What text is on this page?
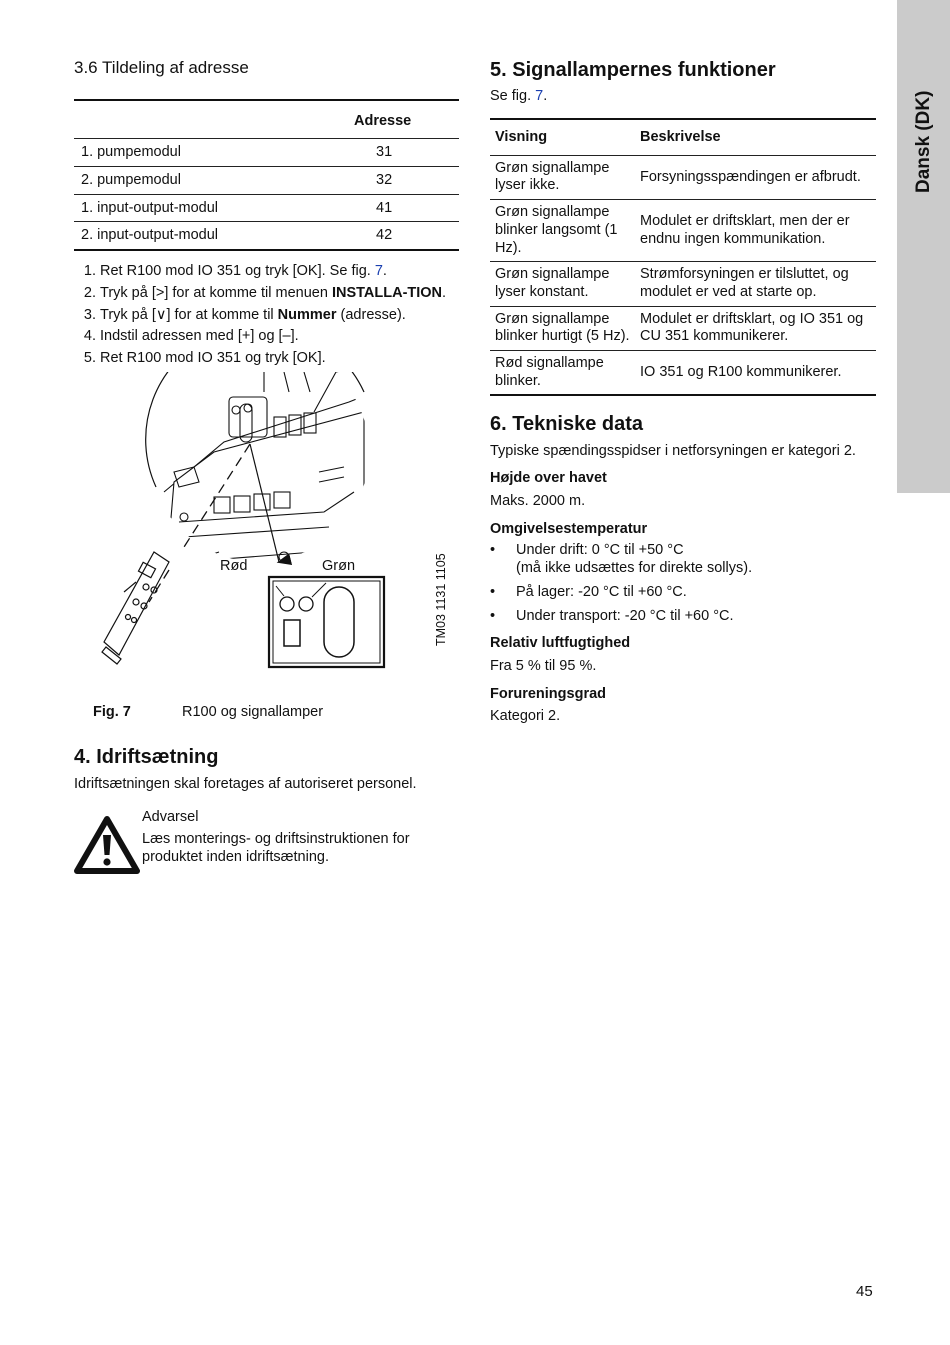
Dansk (DK)
3.6 Tildeling af adresse
	Adresse
1. pumpemodul	31
2. pumpemodul	32
1. input-output-modul	41
2. input-output-modul	42
1. Ret R100 mod IO 351 og tryk [OK]. Se fig. 7.
2. Tryk på [>] for at komme til menuen INSTALLA-TION.
3. Tryk på [∨] for at komme til Nummer (adresse).
4. Indstil adressen med [+] og [–].
5. Ret R100 mod IO 351 og tryk [OK].
Rød	Grøn	TM03 1131 1105
Fig. 7	R100 og signallamper
4. Idriftsætning

Idriftsætningen skal foretages af autoriseret personel.

Advarsel
Læs monterings- og driftsinstruktionen for produktet inden idriftsætning.
5. Signallampernes funktioner
Se fig. 7.
Visning	Beskrivelse
Grøn signallampe lyser ikke.	Forsyningsspændingen er afbrudt.
Grøn signallampe blinker langsomt (1 Hz).	Modulet er driftsklart, men der er endnu ingen kommunikation.
Grøn signallampe lyser konstant.	Strømforsyningen er tilsluttet, og modulet er ved at starte op.
Grøn signallampe blinker hurtigt (5 Hz).	Modulet er driftsklart, og IO 351 og CU 351 kommunikerer.
Rød signallampe blinker.	IO 351 og R100 kommunikerer.
6. Tekniske data

Typiske spændingsspidser i netforsyningen er kategori 2.

Højde over havet
Maks. 2000 m.
Omgivelsestemperatur
• Under drift: 0 °C til +50 °C
(må ikke udsættes for direkte sollys).
• På lager: -20 °C til +60 °C.
• Under transport: -20 °C til +60 °C.
Relativ luftfugtighed
Fra 5 % til 95 %.
Forureningsgrad
Kategori 2.
45
